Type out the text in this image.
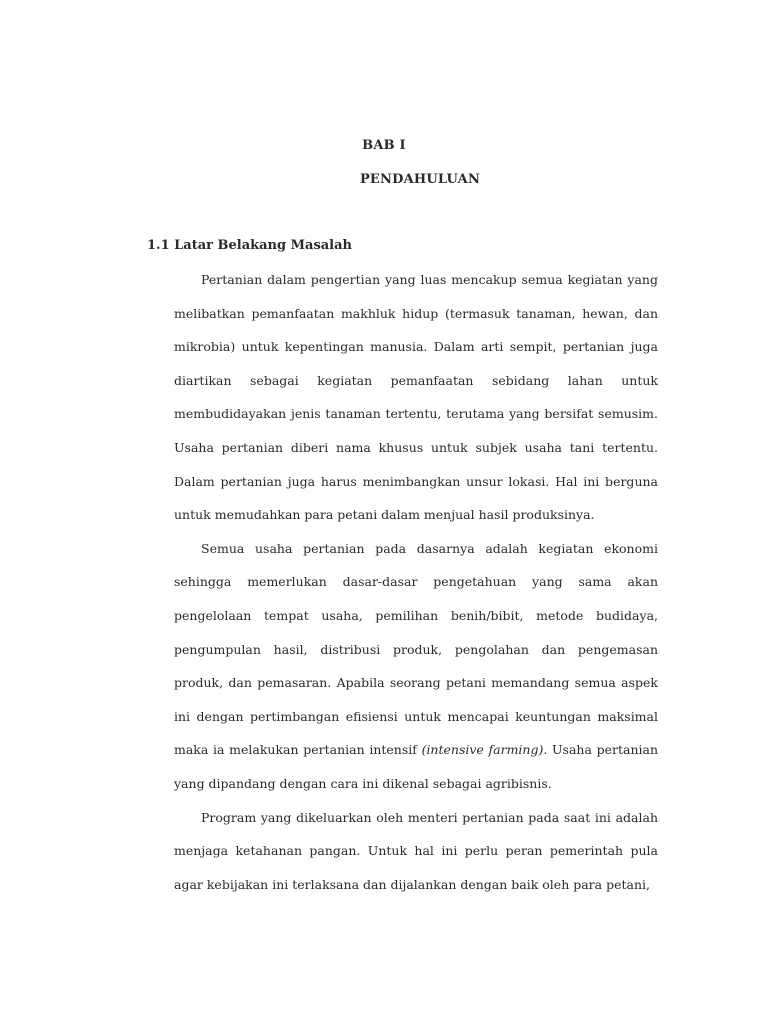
BAB I
PENDAHULUAN
1.1 Latar Belakang Masalah

Pertanian dalam pengertian yang luas mencakup semua kegiatan yang melibatkan pemanfaatan makhluk hidup (termasuk tanaman, hewan, dan mikrobia) untuk kepentingan manusia. Dalam arti sempit, pertanian juga diartikan sebagai kegiatan pemanfaatan sebidang lahan untuk membudidayakan jenis tanaman tertentu, terutama yang bersifat semusim. Usaha pertanian diberi nama khusus untuk subjek usaha tani tertentu. Dalam pertanian juga harus menimbangkan unsur lokasi. Hal ini berguna untuk memudahkan para petani dalam menjual hasil produksinya.

Semua usaha pertanian pada dasarnya adalah kegiatan ekonomi sehingga memerlukan dasar-dasar pengetahuan yang sama akan pengelolaan tempat usaha, pemilihan benih/bibit, metode budidaya, pengumpulan hasil, distribusi produk, pengolahan dan pengemasan produk, dan pemasaran. Apabila seorang petani memandang semua aspek ini dengan pertimbangan efisiensi untuk mencapai keuntungan maksimal maka ia melakukan pertanian intensif (intensive farming). Usaha pertanian yang dipandang dengan cara ini dikenal sebagai agribisnis.

Program yang dikeluarkan oleh menteri pertanian pada saat ini adalah menjaga ketahanan pangan. Untuk hal ini perlu peran pemerintah pula agar kebijakan ini terlaksana dan dijalankan dengan baik oleh para petani,
